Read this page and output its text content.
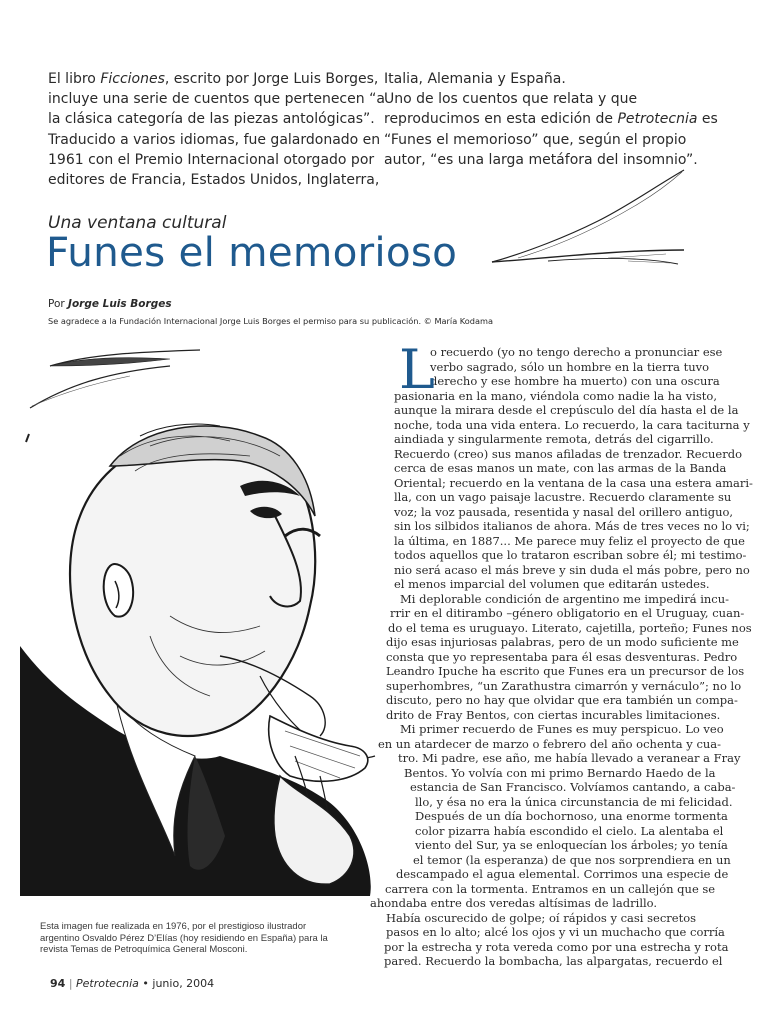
El libro Ficciones, escrito por Jorge Luis Borges,
incluye una serie de cuentos que pertenecen “a
la clásica categoría de las piezas antológicas”.
Traducido a varios idiomas, fue galardonado en
1961 con el Premio Internacional otorgado por
editores de Francia, Estados Unidos, Inglaterra,
Italia, Alemania y España.
Uno de los cuentos que relata y que
reproducimos en esta edición de Petrotecnia es
“Funes el memorioso” que, según el propio
autor, “es una larga metáfora del insomnio”.
Una ventana cultural
Funes el memorioso
Por Jorge Luis Borges
Se agradece a la Fundación Internacional Jorge Luis Borges el permiso para su publicación. © María Kodama
L
o recuerdo (yo no tengo derecho a pronunciar ese
verbo sagrado, sólo un hombre en la tierra tuvo
derecho y ese hombre ha muerto) con una oscura
pasionaria en la mano, viéndola como nadie la ha visto,
aunque la mirara desde el crepúsculo del día hasta el de la
noche, toda una vida entera. Lo recuerdo, la cara taciturna y
aindiada y singularmente remota, detrás del cigarrillo.
Recuerdo (creo) sus manos afiladas de trenzador. Recuerdo
cerca de esas manos un mate, con las armas de la Banda
Oriental; recuerdo en la ventana de la casa una estera amari-
lla, con un vago paisaje lacustre. Recuerdo claramente su
voz; la voz pausada, resentida y nasal del orillero antiguo,
sin los silbidos italianos de ahora. Más de tres veces no lo vi;
la última, en 1887... Me parece muy feliz el proyecto de que
todos aquellos que lo trataron escriban sobre él; mi testimo-
nio será acaso el más breve y sin duda el más pobre, pero no
el menos imparcial del volumen que editarán ustedes.
Mi deplorable condición de argentino me impedirá incu-
rrir en el ditirambo –género obligatorio en el Uruguay, cuan-
do el tema es uruguayo. Literato, cajetilla, porteño; Funes nos
dijo esas injuriosas palabras, pero de un modo suficiente me
consta que yo representaba para él esas desventuras. Pedro
Leandro Ipuche ha escrito que Funes era un precursor de los
superhombres, “un Zarathustra cimarrón y vernáculo”; no lo
discuto, pero no hay que olvidar que era también un compa-
drito de Fray Bentos, con ciertas incurables limitaciones.
Mi primer recuerdo de Funes es muy perspicuo. Lo veo
en un atardecer de marzo o febrero del año ochenta y cua-
tro. Mi padre, ese año, me había llevado a veranear a Fray
Bentos. Yo volvía con mi primo Bernardo Haedo de la
estancia de San Francisco. Volvíamos cantando, a caba-
llo, y ésa no era la única circunstancia de mi felicidad.
Después de un día bochornoso, una enorme tormenta
color pizarra había escondido el cielo. La alentaba el
viento del Sur, ya se enloquecían los árboles; yo tenía
el temor (la esperanza) de que nos sorprendiera en un
descampado el agua elemental. Corrimos una especie de
carrera con la tormenta. Entramos en un callejón que se
ahondaba entre dos veredas altísimas de ladrillo.
Había oscurecido de golpe; oí rápidos y casi secretos
pasos en lo alto; alcé los ojos y vi un muchacho que corría
por la estrecha y rota vereda como por una estrecha y rota
pared. Recuerdo la bombacha, las alpargatas, recuerdo el
Esta imagen fue realizada en 1976, por el prestigioso ilustrador
argentino Osvaldo Pérez D’Elías (hoy residiendo en España) para la
revista Temas de Petroquímica General Mosconi.
94 | Petrotecnia • junio, 2004
